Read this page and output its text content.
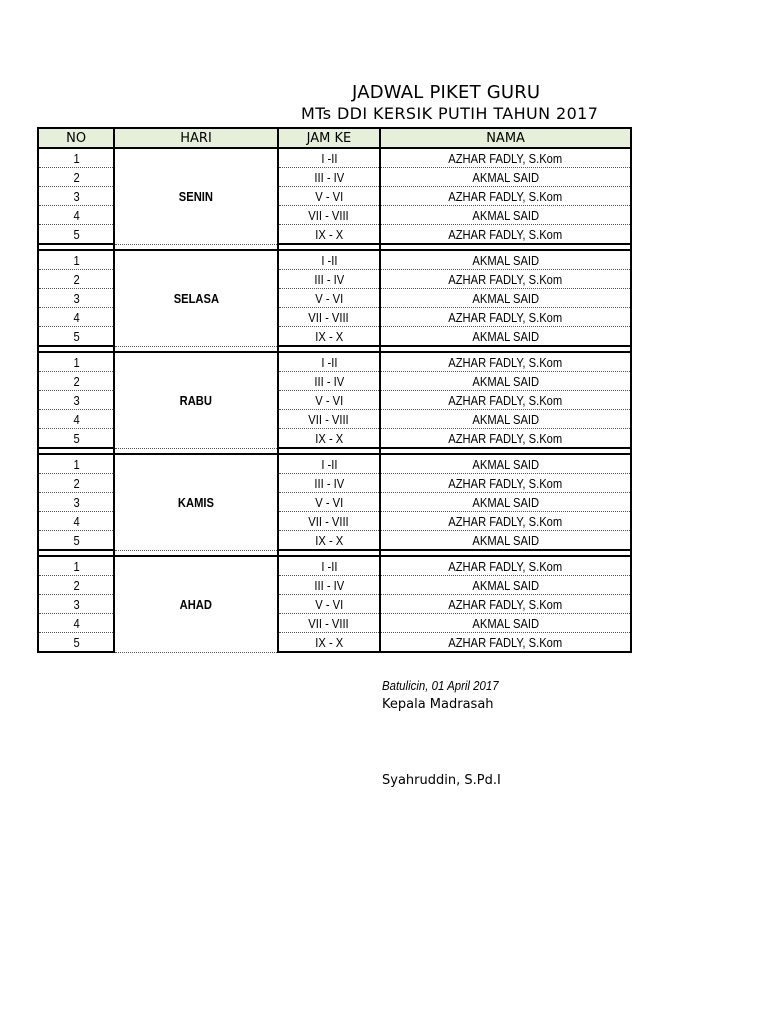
JADWAL PIKET GURU
MTs DDI KERSIK PUTIH TAHUN 2017
NO	HARI	JAM KE	NAMA
1	SENIN	I -II	AZHAR FADLY, S.Kom
2		III - IV	AKMAL SAID
3		V - VI	AZHAR FADLY, S.Kom
4		VII - VIII	AKMAL SAID
5		IX - X	AZHAR FADLY, S.Kom

1	SELASA	I -II	AKMAL SAID
2		III - IV	AZHAR FADLY, S.Kom
3		V - VI	AKMAL SAID
4		VII - VIII	AZHAR FADLY, S.Kom
5		IX - X	AKMAL SAID

1	RABU	I -II	AZHAR FADLY, S.Kom
2		III - IV	AKMAL SAID
3		V - VI	AZHAR FADLY, S.Kom
4		VII - VIII	AKMAL SAID
5		IX - X	AZHAR FADLY, S.Kom

1	KAMIS	I -II	AKMAL SAID
2		III - IV	AZHAR FADLY, S.Kom
3		V - VI	AKMAL SAID
4		VII - VIII	AZHAR FADLY, S.Kom
5		IX - X	AKMAL SAID

1	AHAD	I -II	AZHAR FADLY, S.Kom
2		III - IV	AKMAL SAID
3		V - VI	AZHAR FADLY, S.Kom
4		VII - VIII	AKMAL SAID
5		IX - X	AZHAR FADLY, S.Kom
Batulicin, 01 April 2017
Kepala Madrasah
Syahruddin, S.Pd.I
